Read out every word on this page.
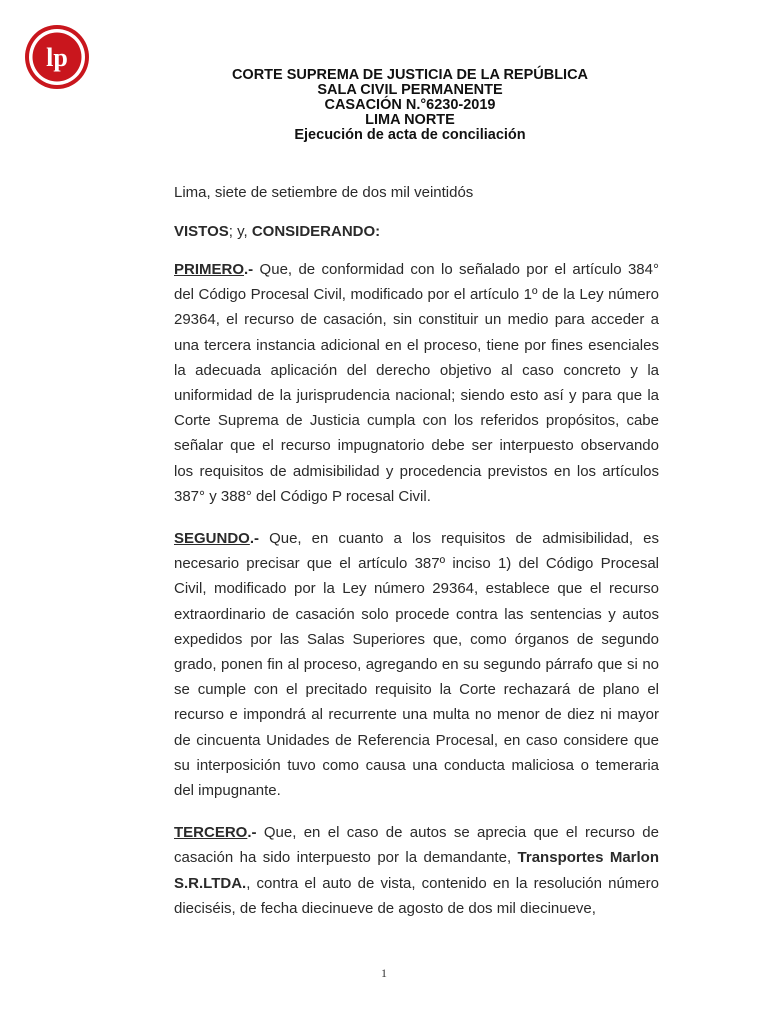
lp
CORTE SUPREMA DE JUSTICIA DE LA REPÚBLICA
SALA CIVIL PERMANENTE
CASACIÓN N.°6230-2019
LIMA NORTE
Ejecución de acta de conciliación
Lima, siete de setiembre de dos mil veintidós
VISTOS; y, CONSIDERANDO:

PRIMERO.- Que, de conformidad con lo señalado por el artículo 384° del Código Procesal Civil, modificado por el artículo 1º de la Ley número 29364, el recurso de casación, sin constituir un medio para acceder a una tercera instancia adicional en el proceso, tiene por fines esenciales la adecuada aplicación del derecho objetivo al caso concreto y la uniformidad de la jurisprudencia nacional; siendo esto así y para que la Corte Suprema de Justicia cumpla con los referidos propósitos, cabe señalar que el recurso impugnatorio debe ser interpuesto observando los requisitos de admisibilidad y procedencia previstos en los artículos 387° y 388° del Código P rocesal Civil.

SEGUNDO.- Que, en cuanto a los requisitos de admisibilidad, es necesario precisar que el artículo 387º inciso 1) del Código Procesal Civil, modificado por la Ley número 29364, establece que el recurso extraordinario de casación solo procede contra las sentencias y autos expedidos por las Salas Superiores que, como órganos de segundo grado, ponen fin al proceso, agregando en su segundo párrafo que si no se cumple con el precitado requisito la Corte rechazará de plano el recurso e impondrá al recurrente una multa no menor de diez ni mayor de cincuenta Unidades de Referencia Procesal, en caso considere que su interposición tuvo como causa una conducta maliciosa o temeraria del impugnante.

TERCERO.- Que, en el caso de autos se aprecia que el recurso de casación ha sido interpuesto por la demandante, Transportes Marlon S.R.LTDA., contra el auto de vista, contenido en la resolución número dieciséis, de fecha diecinueve de agosto de dos mil diecinueve,

1
